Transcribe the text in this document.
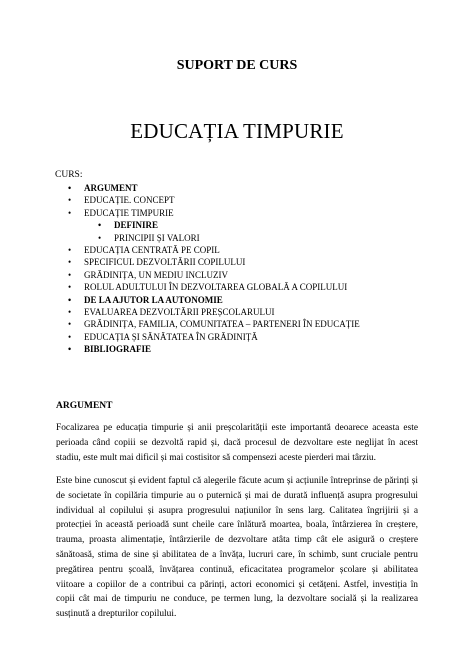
SUPORT DE CURS
EDUCAȚIA TIMPURIE
CURS:
• ARGUMENT
• EDUCAȚIE. CONCEPT
• EDUCAȚIE TIMPURIE
• DEFINIRE
• PRINCIPII ȘI VALORI
• EDUCAȚIA CENTRATĂ PE COPIL
• SPECIFICUL DEZVOLTĂRII COPILULUI
• GRĂDINIȚA, UN MEDIU INCLUZIV
• ROLUL ADULTULUI ÎN DEZVOLTAREA GLOBALĂ A COPILULUI
• DE LA AJUTOR LA AUTONOMIE
• EVALUAREA DEZVOLTĂRII PREȘCOLARULUI
• GRĂDINIȚA, FAMILIA, COMUNITATEA – PARTENERI ÎN EDUCAȚIE
• EDUCAȚIA ȘI SĂNĂTATEA ÎN GRĂDINIȚĂ
• BIBLIOGRAFIE
ARGUMENT

Focalizarea pe educația timpurie și anii preșcolarității este importantă deoarece aceasta este perioada când copiii se dezvoltă rapid și, dacă procesul de dezvoltare este neglijat în acest stadiu, este mult mai dificil și mai costisitor să compensezi aceste pierderi mai târziu.

Este bine cunoscut și evident faptul că alegerile făcute acum și acțiunile întreprinse de părinți și de societate în copilăria timpurie au o puternică și mai de durată influență asupra progresului individual al copilului și asupra progresului națiunilor în sens larg. Calitatea îngrijirii și a protecției în această perioadă sunt cheile care înlătură moartea, boala, întârzierea în creștere, trauma, proasta alimentație, întârzierile de dezvoltare atâta timp cât ele asigură o creștere sănătoasă, stima de sine și abilitatea de a învăța, lucruri care, în schimb, sunt cruciale pentru pregătirea pentru școală, învățarea continuă, eficacitatea programelor școlare și abilitatea viitoare a copiilor de a contribui ca părinți, actori economici și cetățeni. Astfel, investiția în copii cât mai de timpuriu ne conduce, pe termen lung, la dezvoltare socială și la realizarea susținută a drepturilor copilului.
